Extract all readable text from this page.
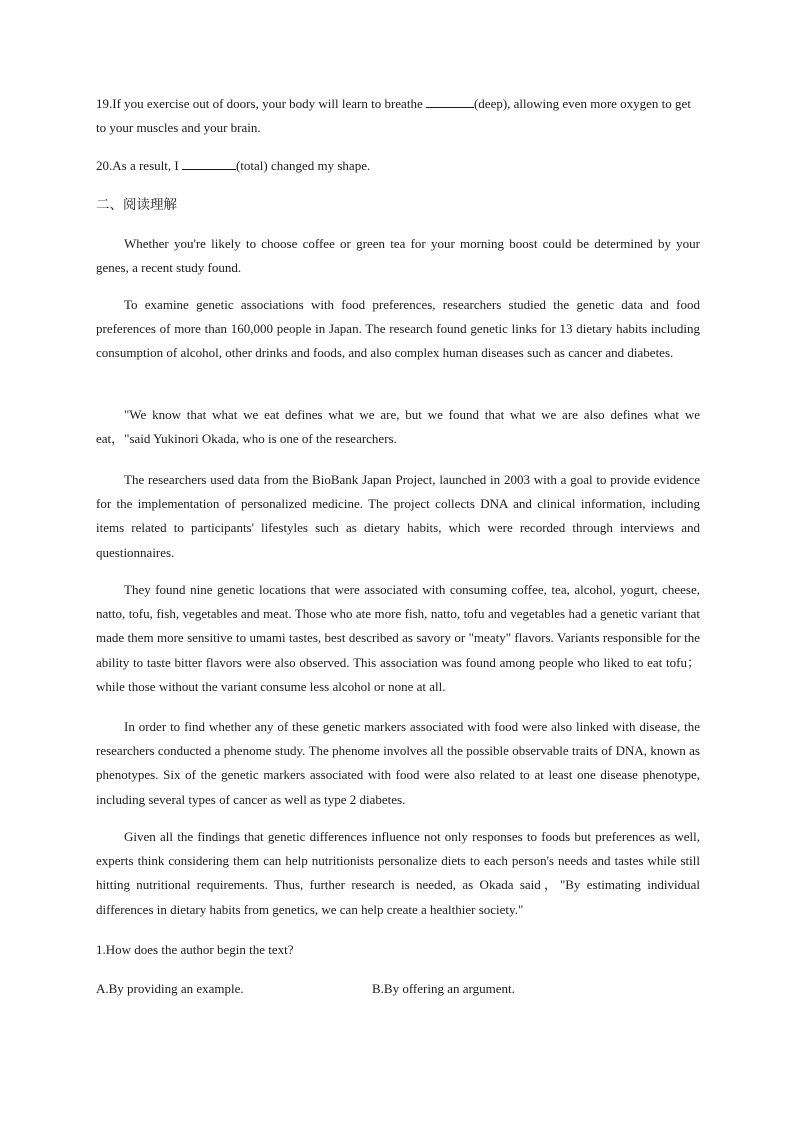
19.If you exercise out of doors, your body will learn to breathe	(deep), allowing even more oxygen to get to your muscles and your brain.

20.As a result, I	(total) changed my shape.

二、阅读理解

Whether you're likely to choose coffee or green tea for your morning boost could be determined by your genes, a recent study found.

To examine genetic associations with food preferences, researchers studied the genetic data and food preferences of more than 160,000 people in Japan. The research found genetic links for 13 dietary habits including consumption of alcohol, other drinks and foods, and also complex human diseases such as cancer and diabetes.

"We know that what we eat defines what we are, but we found that what we are also defines what we eat，"said Yukinori Okada, who is one of the researchers.

The researchers used data from the BioBank Japan Project, launched in 2003 with a goal to provide evidence for the implementation of personalized medicine. The project collects DNA and clinical information, including items related to participants' lifestyles such as dietary habits, which were recorded through interviews and questionnaires.

They found nine genetic locations that were associated with consuming coffee, tea, alcohol, yogurt, cheese, natto, tofu, fish, vegetables and meat. Those who ate more fish, natto, tofu and vegetables had a genetic variant that made them more sensitive to umami tastes, best described as savory or "meaty" flavors. Variants responsible for the ability to taste bitter flavors were also observed. This association was found among people who liked to eat tofu；while those without the variant consume less alcohol or none at all.

In order to find whether any of these genetic markers associated with food were also linked with disease, the researchers conducted a phenome study. The phenome involves all the possible observable traits of DNA, known as phenotypes. Six of the genetic markers associated with food were also related to at least one disease phenotype, including several types of cancer as well as type 2 diabetes.

Given all the findings that genetic differences influence not only responses to foods but preferences as well, experts think considering them can help nutritionists personalize diets to each person's needs and tastes while still hitting nutritional requirements. Thus, further research is needed, as Okada said，"By estimating individual differences in dietary habits from genetics, we can help create a healthier society."

1.How does the author begin the text?

A.By providing an example.	B.By offering an argument.
